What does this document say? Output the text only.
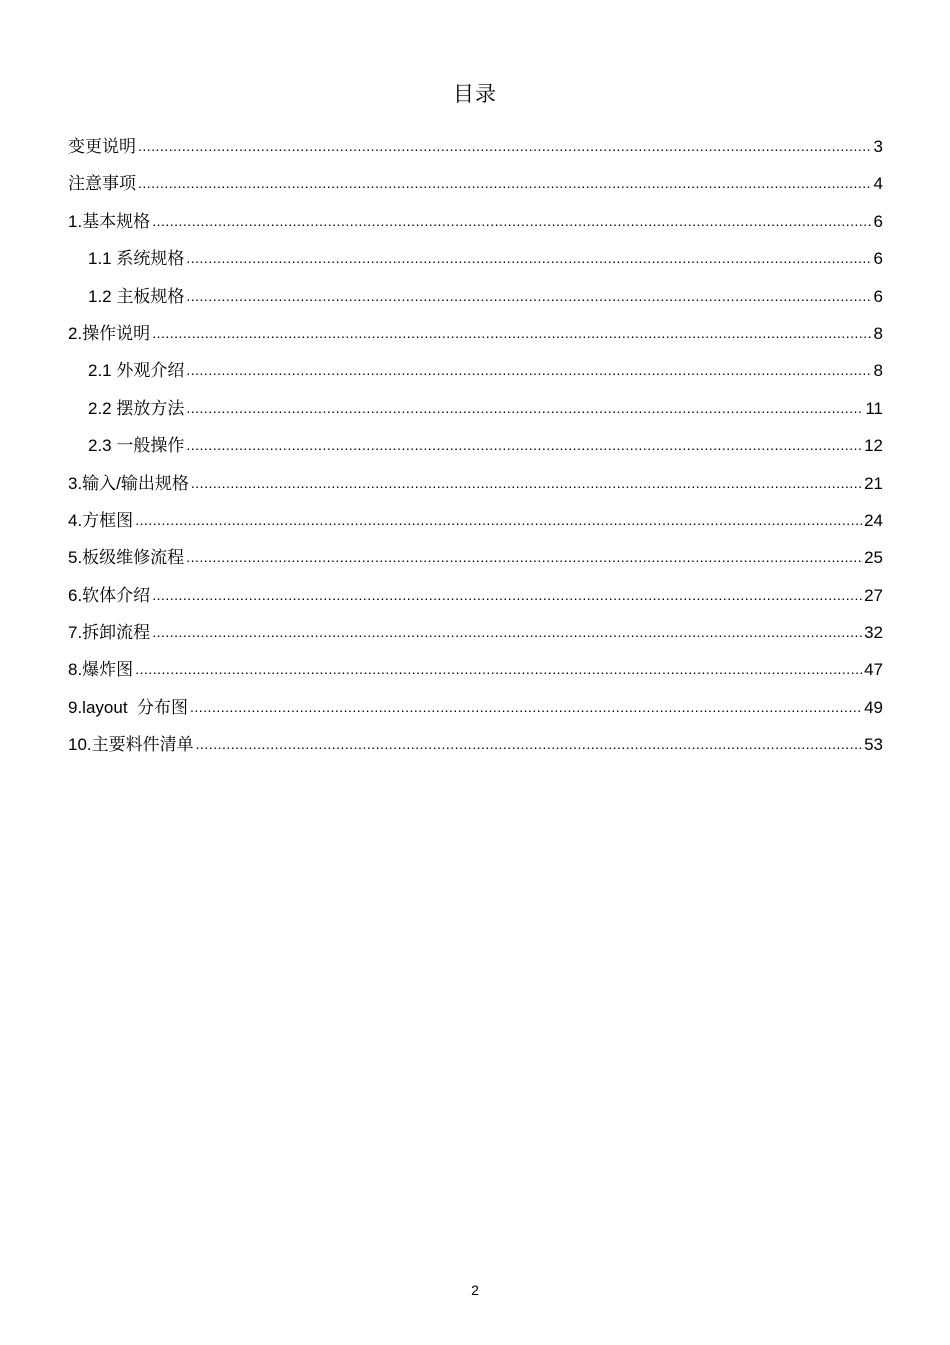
目录
变更说明 .....	3
注意事项 .....	4
1.基本规格 .....	6
1.1 系统规格 .....	6
1.2 主板规格 .....	6
2.操作说明 .....	8
2.1 外观介绍 .....	8
2.2 摆放方法 .....	11
2.3 一般操作 .....	12
3.输入/输出规格 .....	21
4.方框图 .....	24
5.板级维修流程 .....	25
6.软体介绍 .....	27
7.拆卸流程 .....	32
8.爆炸图 .....	47
9.layout  分布图 .....	49
10.主要料件清单 .....	53
2
